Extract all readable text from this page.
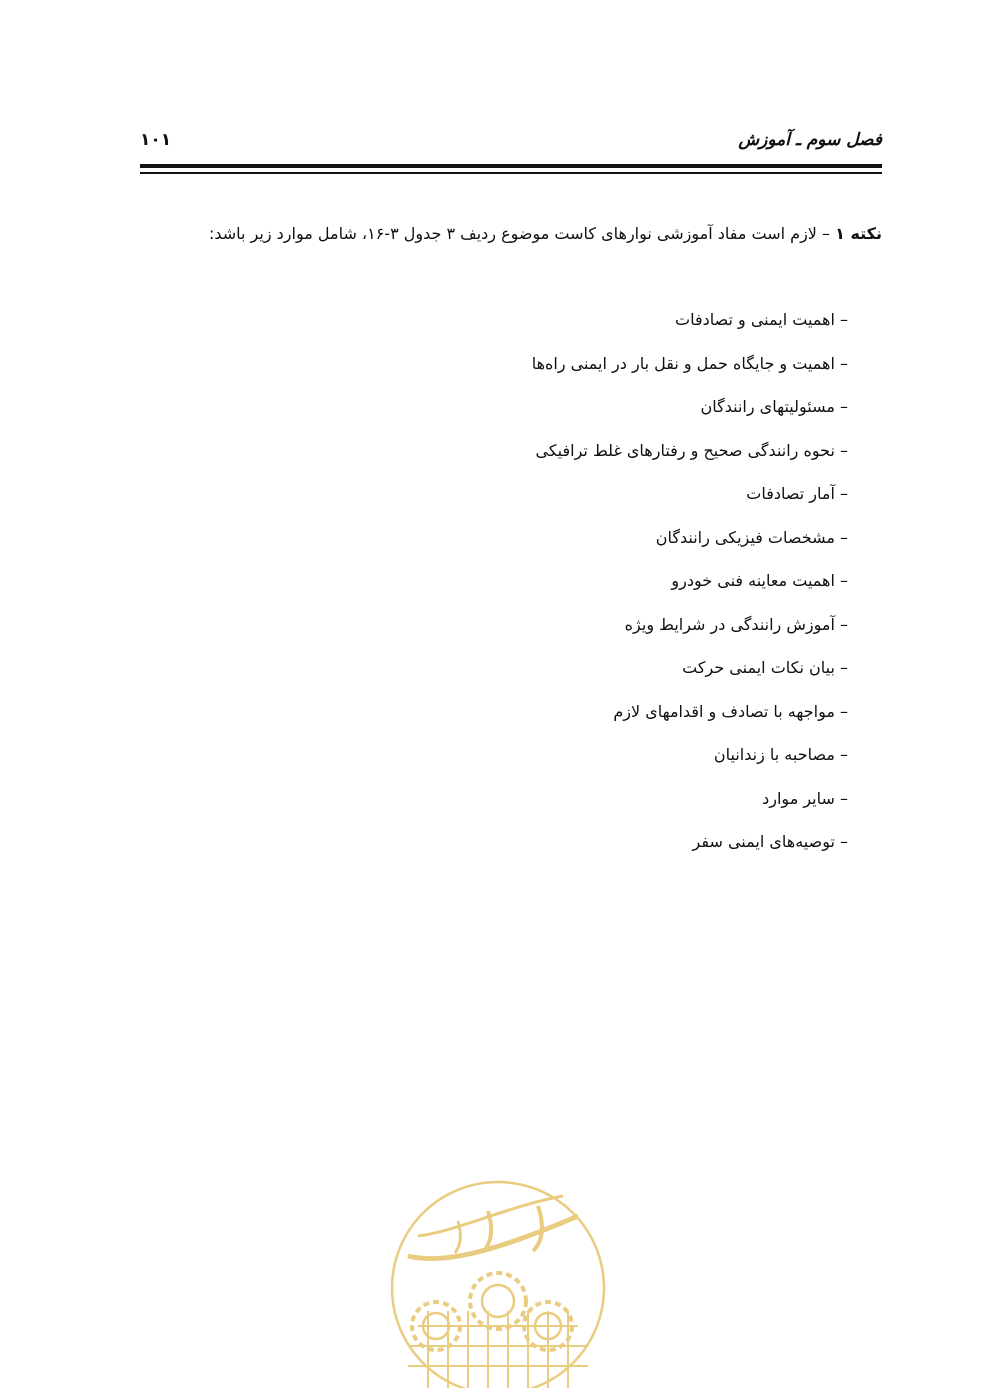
فصل سوم ـ آموزش
۱۰۱
نکته ۱ – لازم است مفاد آموزشی نوارهای کاست موضوع ردیف ۳ جدول ۳-۱۶، شامل موارد زیر باشد:
– اهمیت ایمنی و تصادفات
– اهمیت و جایگاه حمل و نقل بار در ایمنی راه‌ها
– مسئولیتهای رانندگان
– نحوه رانندگی صحیح و رفتارهای غلط ترافیکی
– آمار تصادفات
– مشخصات فیزیکی رانندگان
– اهمیت معاینه فنی خودرو
– آموزش رانندگی در شرایط ویژه
– بیان نکات ایمنی حرکت
– مواجهه با تصادف و اقدامهای لازم
– مصاحبه با زندانیان
– سایر موارد
– توصیه‌های ایمنی سفر
